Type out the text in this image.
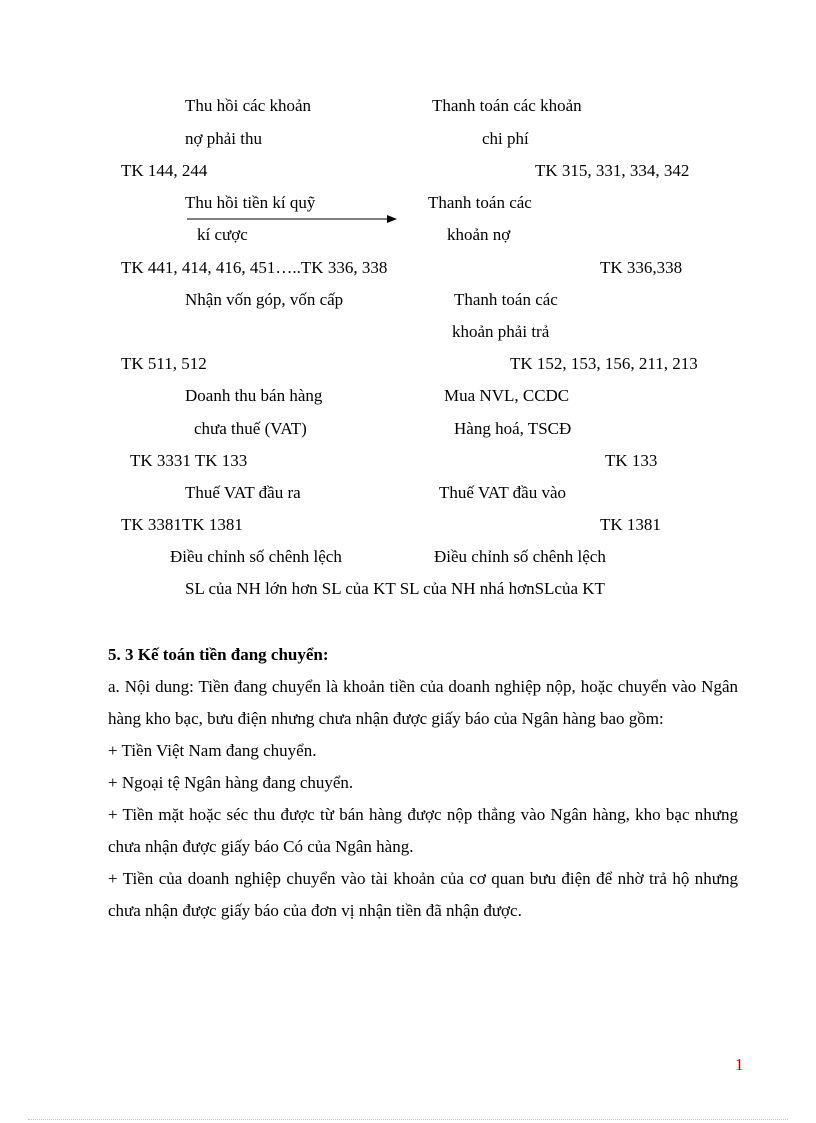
Thu hồi các khoản
nợ phải thu
TK 144, 244
Thu hồi tiền kí quỹ
kí cược
TK 441, 414, 416, 451…..TK 336, 338
Nhận vốn góp, vốn cấp
TK 511, 512
Doanh thu bán hàng
chưa thuế (VAT)
TK 3331 TK 133
Thuế VAT đầu ra
TK 3381TK 1381
Điều chỉnh số chênh lệch
Thanh toán các khoản
chi phí
TK 315, 331, 334, 342
Thanh toán các
khoản nợ
TK 336,338
Thanh toán các
khoản phải trả
TK 152, 153, 156, 211, 213
Mua NVL, CCDC
Hàng hoá, TSCĐ
TK 133
Thuế VAT đầu vào
TK 1381
Điều chỉnh số chênh lệch
SL của NH lớn hơn SL của KT SL của NH nhá hơnSLcủa KT
5. 3 Kế toán tiền đang chuyển:

a. Nội dung: Tiền đang chuyển là khoản tiền của doanh nghiệp nộp, hoặc chuyển vào Ngân hàng kho bạc, bưu điện nhưng chưa nhận được giấy báo của Ngân hàng bao gồm:

+ Tiền Việt Nam đang chuyển.

+ Ngoại tệ Ngân hàng đang chuyển.

+ Tiền mặt hoặc séc thu được từ bán hàng được nộp thẳng vào Ngân hàng, kho bạc nhưng chưa nhận được giấy báo Có của Ngân hàng.

+ Tiền của doanh nghiệp chuyển vào tài khoản của cơ quan bưu điện để nhờ trả hộ nhưng chưa nhận được giấy báo của đơn vị nhận tiền đã nhận được.

1
